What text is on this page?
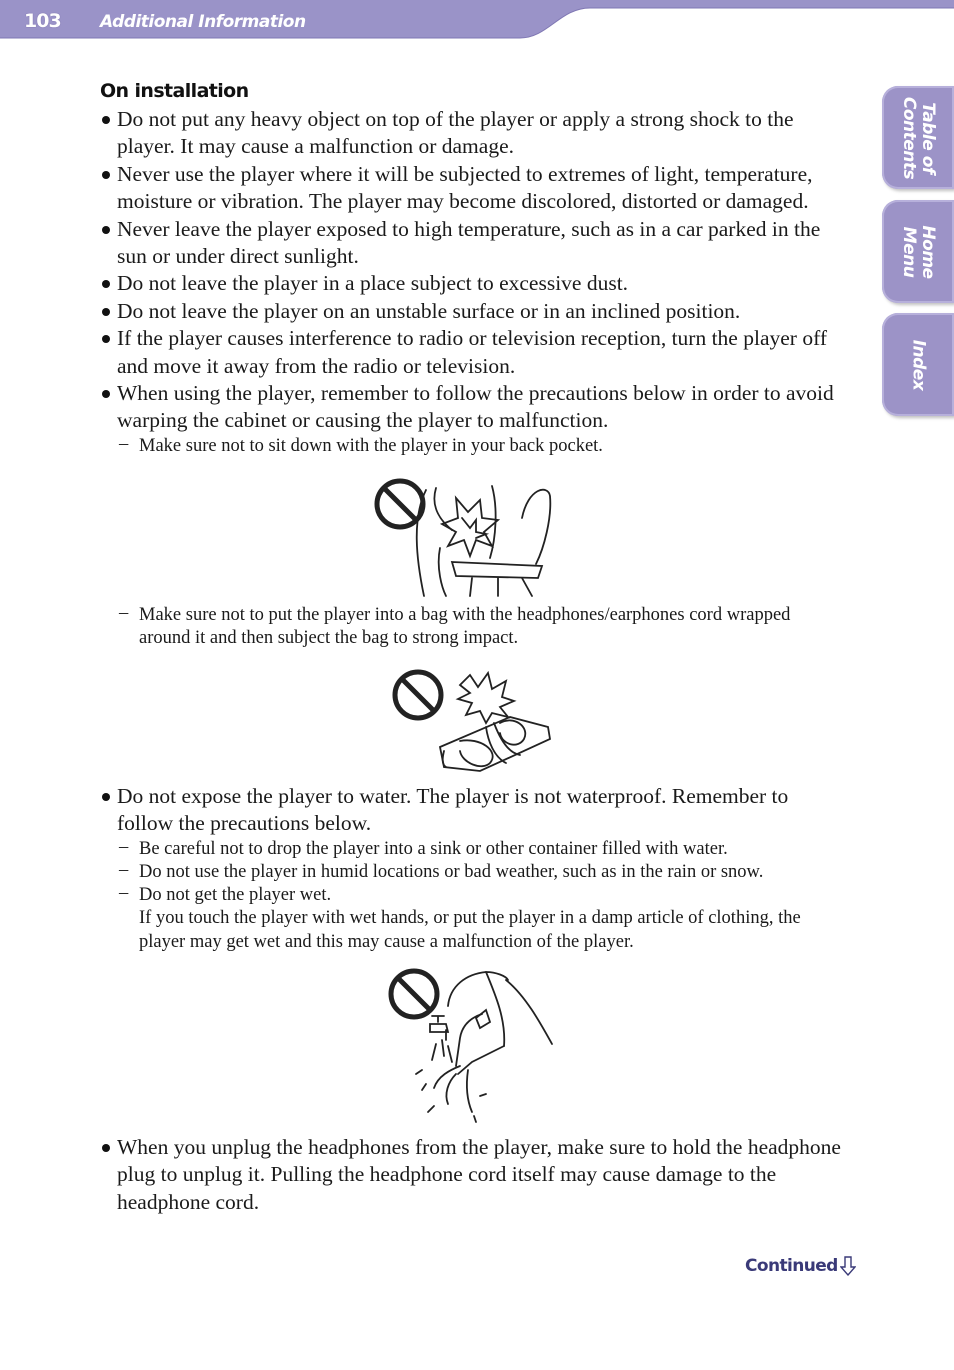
103 Additional Information
Table of
Contents
Home
Menu
Index
On installation
Do not put any heavy object on top of the player or apply a strong shock to the player. It may cause a malfunction or damage.
Never use the player where it will be subjected to extremes of light, temperature, moisture or vibration. The player may become discolored, distorted or damaged.
Never leave the player exposed to high temperature, such as in a car parked in the sun or under direct sunlight.
Do not leave the player in a place subject to excessive dust.
Do not leave the player on an unstable surface or in an inclined position.
If the player causes interference to radio or television reception, turn the player off and move it away from the radio or television.
When using the player, remember to follow the precautions below in order to avoid warping the cabinet or causing the player to malfunction.
– Make sure not to sit down with the player in your back pocket.
– Make sure not to put the player into a bag with the headphones/earphones cord wrapped around it and then subject the bag to strong impact.
Do not expose the player to water. The player is not waterproof. Remember to follow the precautions below.
– Be careful not to drop the player into a sink or other container filled with water.
– Do not use the player in humid locations or bad weather, such as in the rain or snow.
– Do not get the player wet.
If you touch the player with wet hands, or put the player in a damp article of clothing, the player may get wet and this may cause a malfunction of the player.
When you unplug the headphones from the player, make sure to hold the headphone plug to unplug it. Pulling the headphone cord itself may cause damage to the headphone cord.
Continued
